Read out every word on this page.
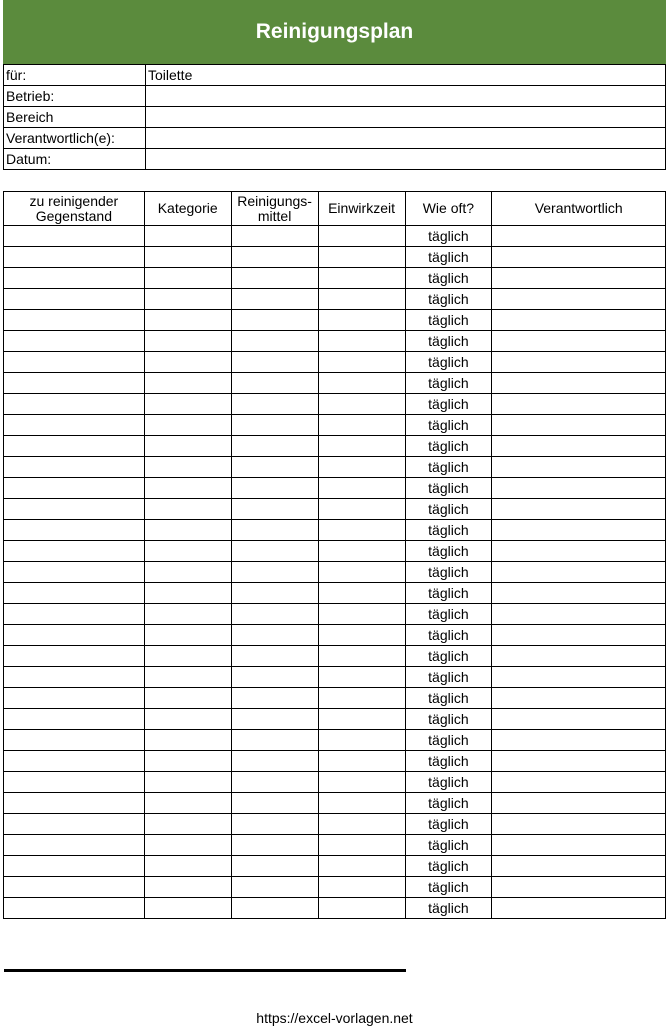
Reinigungsplan
für:	Toilette
Betrieb:	
Bereich	
Verantwortlich(e):	
Datum:	
zu reinigender Gegenstand	Kategorie	Reinigungs-mittel	Einwirkzeit	Wie oft?	Verantwortlich
				täglich	
				täglich	
				täglich	
				täglich	
				täglich	
				täglich	
				täglich	
				täglich	
				täglich	
				täglich	
				täglich	
				täglich	
				täglich	
				täglich	
				täglich	
				täglich	
				täglich	
				täglich	
				täglich	
				täglich	
				täglich	
				täglich	
				täglich	
				täglich	
				täglich	
				täglich	
				täglich	
				täglich	
				täglich	
				täglich	
				täglich	
				täglich	
				täglich	
https://excel-vorlagen.net
